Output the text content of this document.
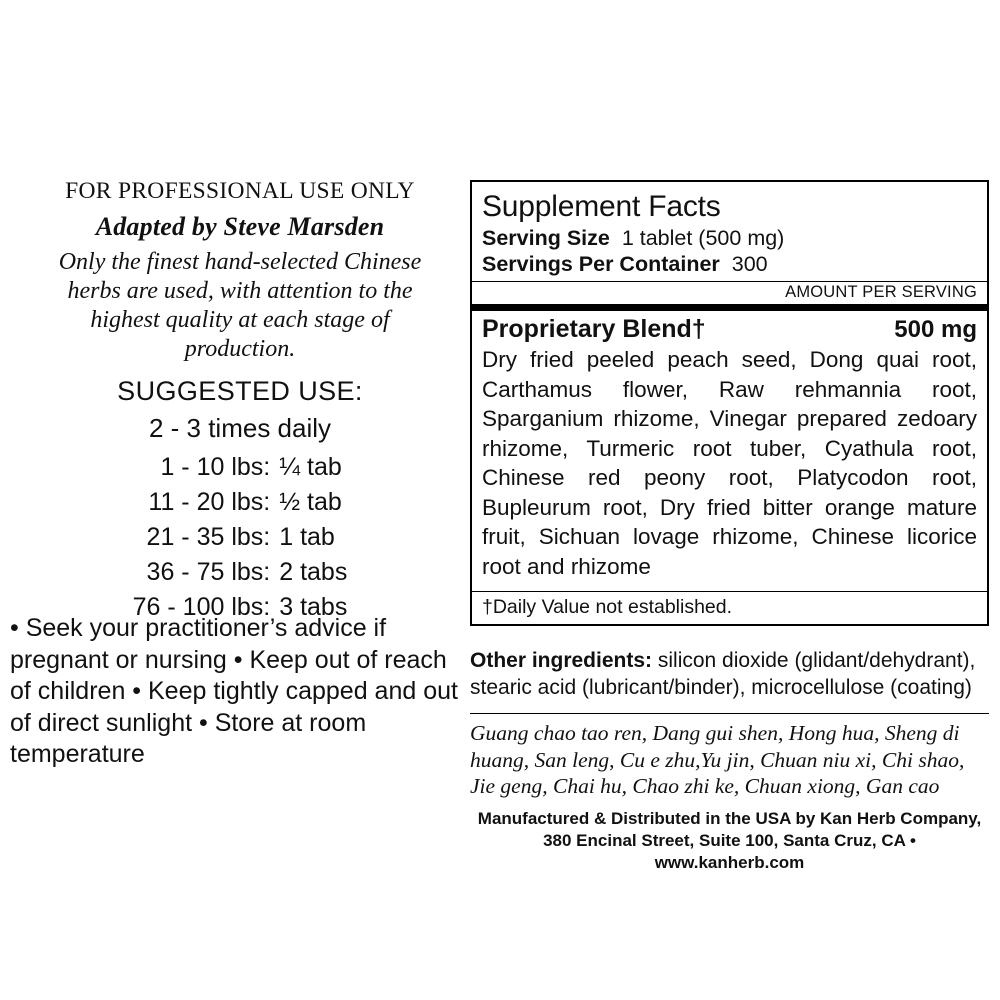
FOR PROFESSIONAL USE ONLY
Adapted by Steve Marsden
Only the finest hand-selected Chinese herbs are used, with attention to the highest quality at each stage of production.
SUGGESTED USE:
2 - 3 times daily
1 - 10 lbs:	¼ tab
11 - 20 lbs:	½ tab
21 - 35 lbs:	1 tab
36 - 75 lbs:	2 tabs
76 - 100 lbs:	3 tabs
• Seek your practitioner’s advice if pregnant or nursing • Keep out of reach of children • Keep tightly capped and out of direct sunlight • Store at room temperature
Supplement Facts
Serving Size 1 tablet (500 mg)
Servings Per Container 300
AMOUNT PER SERVING
Proprietary Blend†	500 mg
Dry fried peeled peach seed, Dong quai root, Carthamus flower, Raw rehmannia root, Sparganium rhizome, Vinegar prepared zedoary rhizome, Turmeric root tuber, Cyathula root, Chinese red peony root, Platycodon root, Bupleurum root, Dry fried bitter orange mature fruit, Sichuan lovage rhizome, Chinese licorice root and rhizome
†Daily Value not established.
Other ingredients: silicon dioxide (glidant/dehydrant), stearic acid (lubricant/binder), microcellulose (coating)
Guang chao tao ren, Dang gui shen, Hong hua, Sheng di huang, San leng, Cu e zhu,Yu jin, Chuan niu xi, Chi shao, Jie geng, Chai hu, Chao zhi ke, Chuan xiong, Gan cao
Manufactured & Distributed in the USA by Kan Herb Company,
380 Encinal Street, Suite 100, Santa Cruz, CA • www.kanherb.com
